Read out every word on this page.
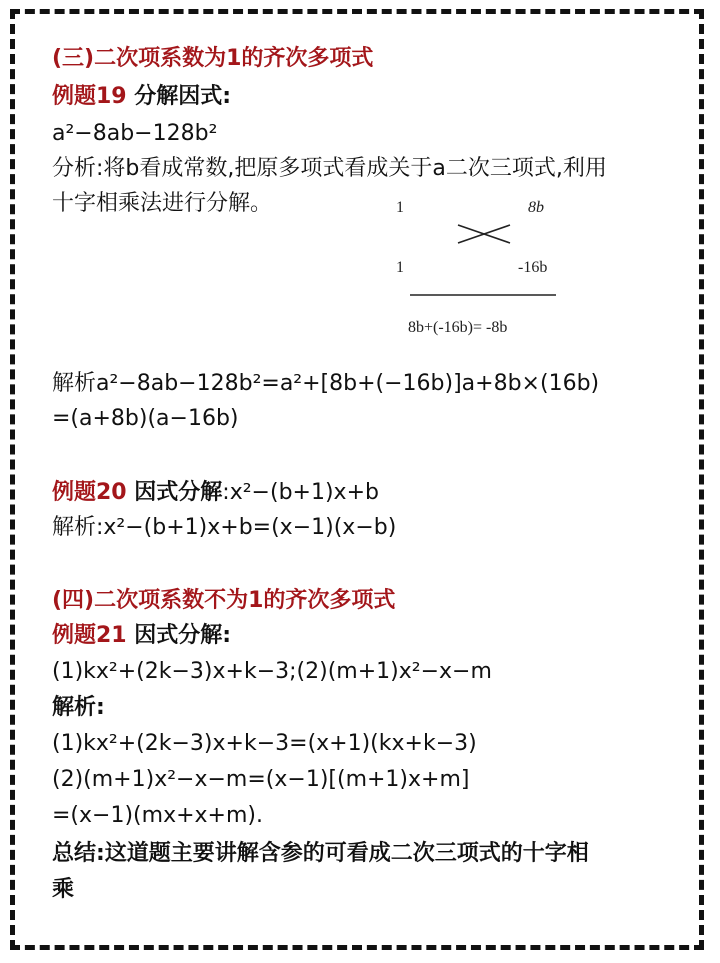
(三)二次项系数为1的齐次多项式
例题19 分解因式:
a²−8ab−128b²
分析:将b看成常数,把原多项式看成关于a二次三项式,利用
十字相乘法进行分解。	1	8b
1	-16b
8b+(-16b)= -8b
解析a²−8ab−128b²=a²+[8b+(−16b)]a+8b×(16b)
=(a+8b)(a−16b)
例题20 因式分解:x²−(b+1)x+b
解析:x²−(b+1)x+b=(x−1)(x−b)
(四)二次项系数不为1的齐次多项式
例题21 因式分解:
(1)kx²+(2k−3)x+k−3;(2)(m+1)x²−x−m
解析:
(1)kx²+(2k−3)x+k−3=(x+1)(kx+k−3)
(2)(m+1)x²−x−m=(x−1)[(m+1)x+m]
=(x−1)(mx+x+m).
总结:这道题主要讲解含参的可看成二次三项式的十字相
乘
